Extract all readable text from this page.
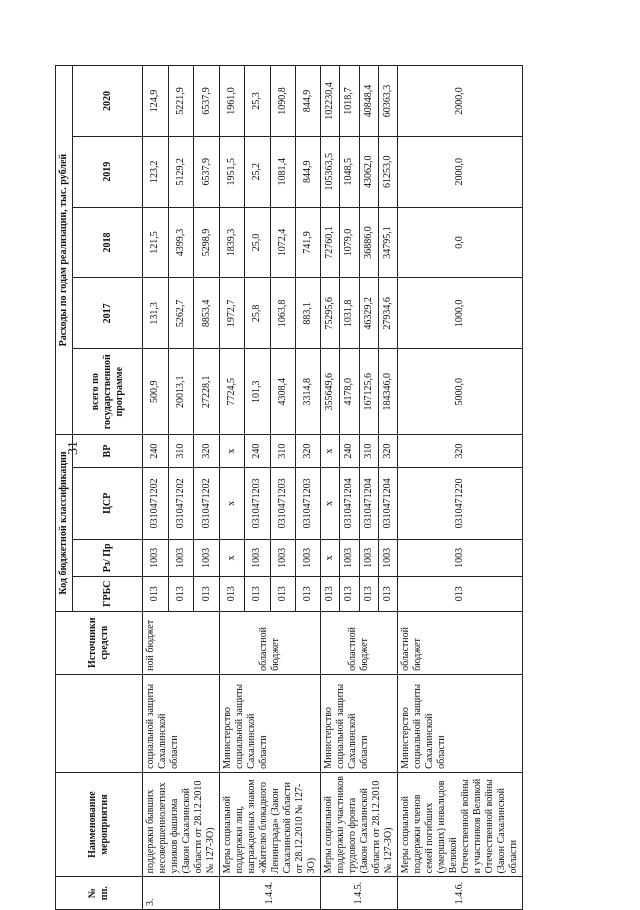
31
№ пп.	Наименование мероприятия		Источники средств	Код бюджетной классификации				Расходы по годам реализации, тыс. рублей				
				ГРБС	Рз/ Пр	ЦСР	ВР	всего по государственной программе	2017	2018	2019	2020
3.	поддержки бывших несовершеннолетних узников фашизма (Закон Сахалинской области от 28.12.2010 № 127-ЗО)	социальной защиты Сахалинской области	ной бюджет	013	1003	0310471202	240	500,9	131,3	121,5	123,2	124,9
				013	1003	0310471202	310	20013,1	5262,7	4399,3	5129,2	5221,9
				013	1003	0310471202	320	27228,1	8853,4	5298,9	6537,9	6537,9
1.4.4.	Меры социальной поддержки лиц, награжденных знаком «Жителю блокадного Ленинграда» (Закон Сахалинской области от 28.12.2010 № 127-ЗО)	Министерство социальной защиты Сахалинской области	областной бюджет	013	х	х	х	7724,5	1972,7	1839,3	1951,5	1961,0
				013	1003	0310471203	240	101,3	25,8	25,0	25,2	25,3
				013	1003	0310471203	310	4308,4	1063,8	1072,4	1081,4	1090,8
				013	1003	0310471203	320	3314,8	883,1	741,9	844,9	844,9
1.4.5.	Меры социальной поддержки участников трудового фронта (Закон Сахалинской области от 28.12.2010 № 127-ЗО)	Министерство социальной защиты Сахалинской области	областной бюджет	013	х	х	х	355649,6	75295,6	72760,1	105363,5	102230,4
				013	1003	0310471204	240	4178,0	1031,8	1079,0	1048,5	1018,7
				013	1003	0310471204	310	167125,6	46329,2	36886,0	43062,0	40848,4
				013	1003	0310471204	320	184346,0	27934,6	34795,1	61253,0	60363,3
1.4.6.	Меры социальной поддержки членов семей погибших (умерших) инвалидов Великой Отечественной войны и участников Великой Отечественной войны (Закон Сахалинской области	Министерство социальной защиты Сахалинской области	областной бюджет	013	1003	0310471220	320	5000,0	1000,0	0,0	2000,0	2000,0
